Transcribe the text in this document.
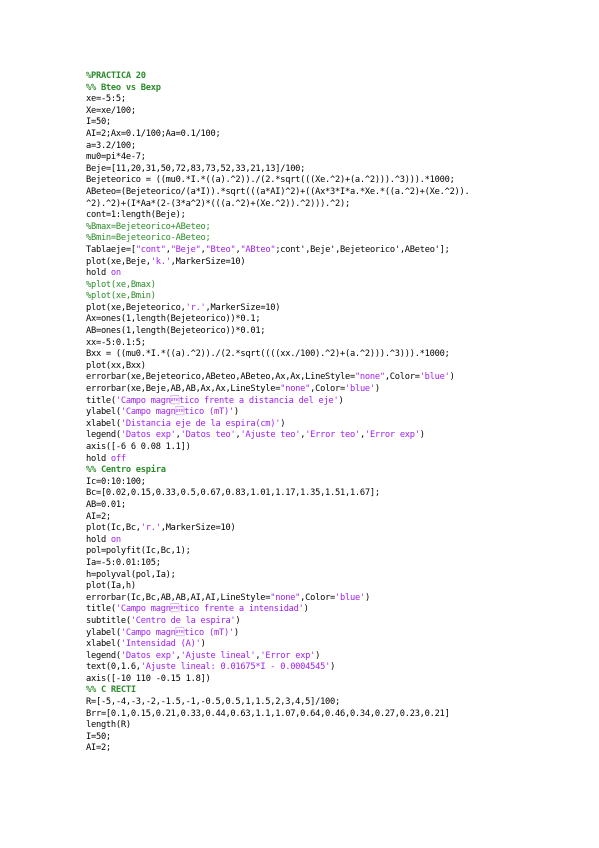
%PRACTICA 20
%% Bteo vs Bexp
xe=-5:5;
Xe=xe/100;
I=50;
AI=2;Ax=0.1/100;Aa=0.1/100;
a=3.2/100;
mu0=pi*4e-7;
Beje=[11,20,31,50,72,83,73,52,33,21,13]/100;
Bejeteorico = ((mu0.*I.*((a).^2))./(2.*sqrt(((Xe.^2)+(a.^2))).^3))).*1000;
ABeteo=(Bejeteorico/(a*I)).*sqrt(((a*AI)^2)+((Ax*3*I*a.*Xe.*((a.^2)+(Xe.^2)).
^2).^2)+(I*Aa*(2-(3*a^2)*(((a.^2)+(Xe.^2)).^2))).^2);
cont=1:length(Beje);
%Bmax=Bejeteorico+ABeteo;
%Bmin=Bejeteorico-ABeteo;
Tablaeje=["cont","Beje","Bteo","ABteo";cont',Beje',Bejeteorico',ABeteo'];
plot(xe,Beje,'k.',MarkerSize=10)
hold on
%plot(xe,Bmax)
%plot(xe,Bmin)
plot(xe,Bejeteorico,'r.',MarkerSize=10)
Ax=ones(1,length(Bejeteorico))*0.1;
AB=ones(1,length(Bejeteorico))*0.01;
xx=-5:0.1:5;
Bxx = ((mu0.*I.*((a).^2))./(2.*sqrt((((xx./100).^2)+(a.^2))).^3))).*1000;
plot(xx,Bxx)
errorbar(xe,Bejeteorico,ABeteo,ABeteo,Ax,Ax,LineStyle="none",Color='blue')
errorbar(xe,Beje,AB,AB,Ax,Ax,LineStyle="none",Color='blue')
title('Campo magntico frente a distancia del eje')
ylabel('Campo magntico (mT)')
xlabel('Distancia eje de la espira(cm)')
legend('Datos exp','Datos teo','Ajuste teo','Error teo','Error exp')
axis([-6 6 0.08 1.1])
hold off
%% Centro espira
Ic=0:10:100;
Bc=[0.02,0.15,0.33,0.5,0.67,0.83,1.01,1.17,1.35,1.51,1.67];
AB=0.01;
AI=2;
plot(Ic,Bc,'r.',MarkerSize=10)
hold on
pol=polyfit(Ic,Bc,1);
Ia=-5:0.01:105;
h=polyval(pol,Ia);
plot(Ia,h)
errorbar(Ic,Bc,AB,AB,AI,AI,LineStyle="none",Color='blue')
title('Campo magntico frente a intensidad')
subtitle('Centro de la espira')
ylabel('Campo magntico (mT)')
xlabel('Intensidad (A)')
legend('Datos exp','Ajuste lineal','Error exp')
text(0,1.6,'Ajuste lineal: 0.01675*I - 0.0004545')
axis([-10 110 -0.15 1.8])
%% C RECTI
R=[-5,-4,-3,-2,-1.5,-1,-0.5,0.5,1,1.5,2,3,4,5]/100;
Brr=[0.1,0.15,0.21,0.33,0.44,0.63,1.1,1.07,0.64,0.46,0.34,0.27,0.23,0.21]
length(R)
I=50;
AI=2;
